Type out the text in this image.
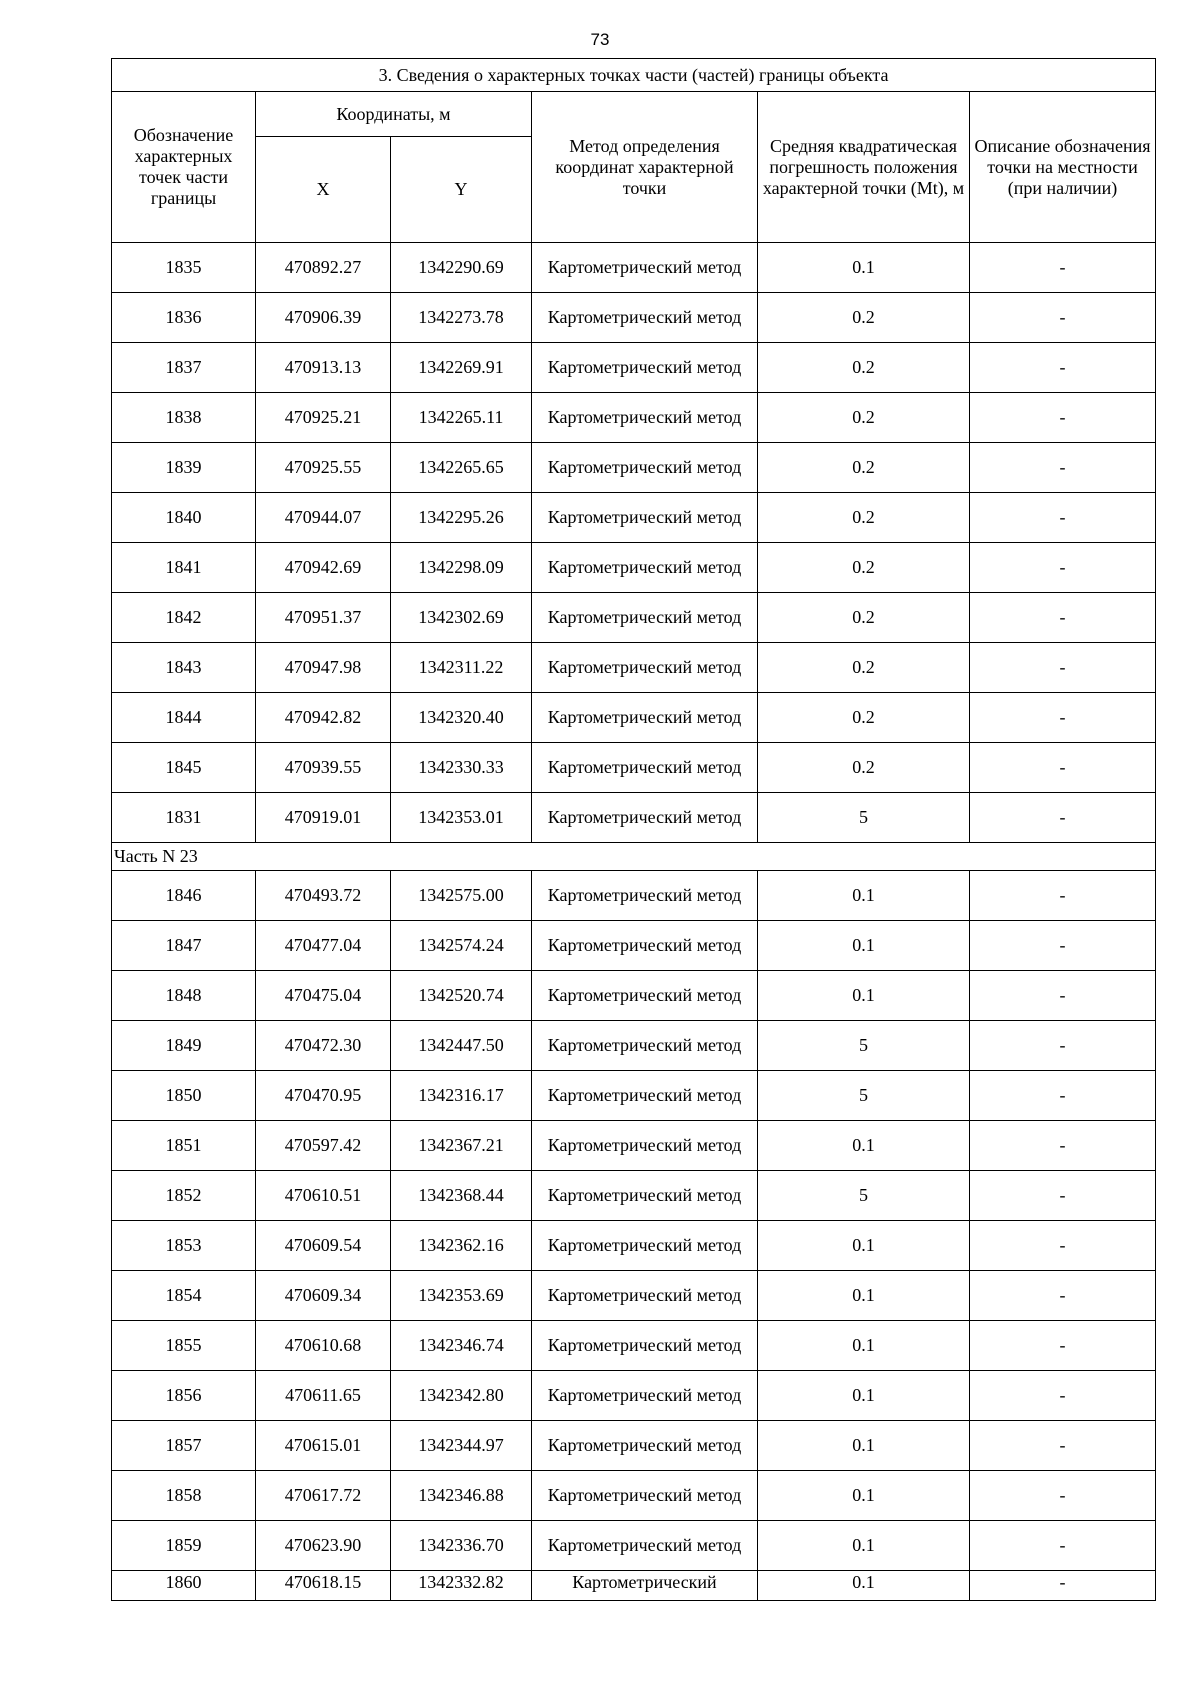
73
3. Сведения о характерных точках части (частей) границы объекта					
Обозначение характерных точек части границы	Координаты, м		Метод определения координат характерной точки	Средняя квадратическая погрешность положения характерной точки (Mt), м	Описание обозначения точки на местности (при наличии)
	X	Y			
1835	470892.27	1342290.69	Картометрический метод	0.1	-
1836	470906.39	1342273.78	Картометрический метод	0.2	-
1837	470913.13	1342269.91	Картометрический метод	0.2	-
1838	470925.21	1342265.11	Картометрический метод	0.2	-
1839	470925.55	1342265.65	Картометрический метод	0.2	-
1840	470944.07	1342295.26	Картометрический метод	0.2	-
1841	470942.69	1342298.09	Картометрический метод	0.2	-
1842	470951.37	1342302.69	Картометрический метод	0.2	-
1843	470947.98	1342311.22	Картометрический метод	0.2	-
1844	470942.82	1342320.40	Картометрический метод	0.2	-
1845	470939.55	1342330.33	Картометрический метод	0.2	-
1831	470919.01	1342353.01	Картометрический метод	5	-
Часть N 23					
1846	470493.72	1342575.00	Картометрический метод	0.1	-
1847	470477.04	1342574.24	Картометрический метод	0.1	-
1848	470475.04	1342520.74	Картометрический метод	0.1	-
1849	470472.30	1342447.50	Картометрический метод	5	-
1850	470470.95	1342316.17	Картометрический метод	5	-
1851	470597.42	1342367.21	Картометрический метод	0.1	-
1852	470610.51	1342368.44	Картометрический метод	5	-
1853	470609.54	1342362.16	Картометрический метод	0.1	-
1854	470609.34	1342353.69	Картометрический метод	0.1	-
1855	470610.68	1342346.74	Картометрический метод	0.1	-
1856	470611.65	1342342.80	Картометрический метод	0.1	-
1857	470615.01	1342344.97	Картометрический метод	0.1	-
1858	470617.72	1342346.88	Картометрический метод	0.1	-
1859	470623.90	1342336.70	Картометрический метод	0.1	-
1860	470618.15	1342332.82	Картометрический	0.1	-
